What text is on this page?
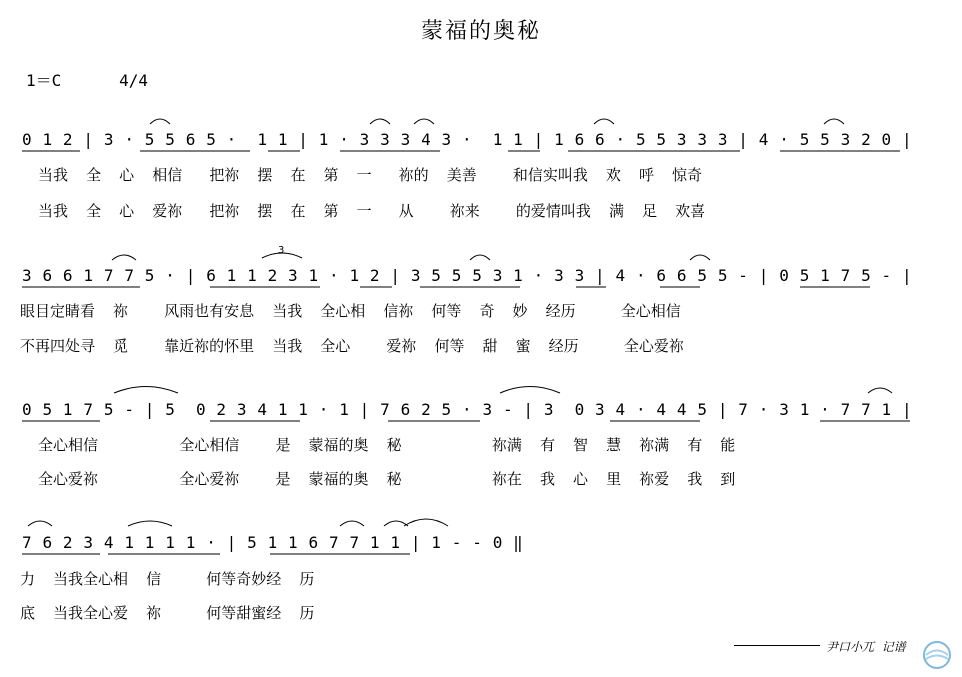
蒙福的奥秘
1＝C	4/4
0 1 2 | 3 · 5 5 6 5 ·  1 1 | 1 · 3 3 3 4 3 ·  1 1 | 1 6 6 · 5 5 3 3 3 | 4 · 5 5 3 2 0 |
当我  全  心  相信   把祢  摆  在  第  一   祢的  美善    和信实叫我  欢  呼  惊奇
当我  全  心  爱祢   把祢  摆  在  第  一   从    祢来    的爱情叫我  满  足  欢喜
3 6 6 1 7 7 5 · | 6 1 1 2 3 1 · 1 2 | 3 5 5 5 3 1 · 3 3 | 4 · 6 6 5 5 - | 0 5 1 7 5 - |
眼目定睛看  祢    风雨也有安息  当我  全心相  信祢  何等  奇  妙  经历     全心相信
不再四处寻  觅    靠近祢的怀里  当我  全心    爱祢  何等  甜  蜜  经历     全心爱祢
0 5 1 7 5 - | 5  0 2 3 4 1 1 · 1 | 7 6 2 5 · 3 - | 3  0 3 4 · 4 4 5 | 7 · 3 1 · 7 7 1 |
全心相信         全心相信    是  蒙福的奥  秘          祢满  有  智  慧  祢满  有  能
全心爱祢         全心爱祢    是  蒙福的奥  秘          祢在  我  心  里  祢爱  我  到
7 6 2 3 4 1 1 1 1 · | 5 1 1 6 7 7 1 1 | 1 - - 0 ‖
力  当我全心相  信     何等奇妙经  历
底  当我全心爱  祢     何等甜蜜经  历
3
尹口小兀  记谱
